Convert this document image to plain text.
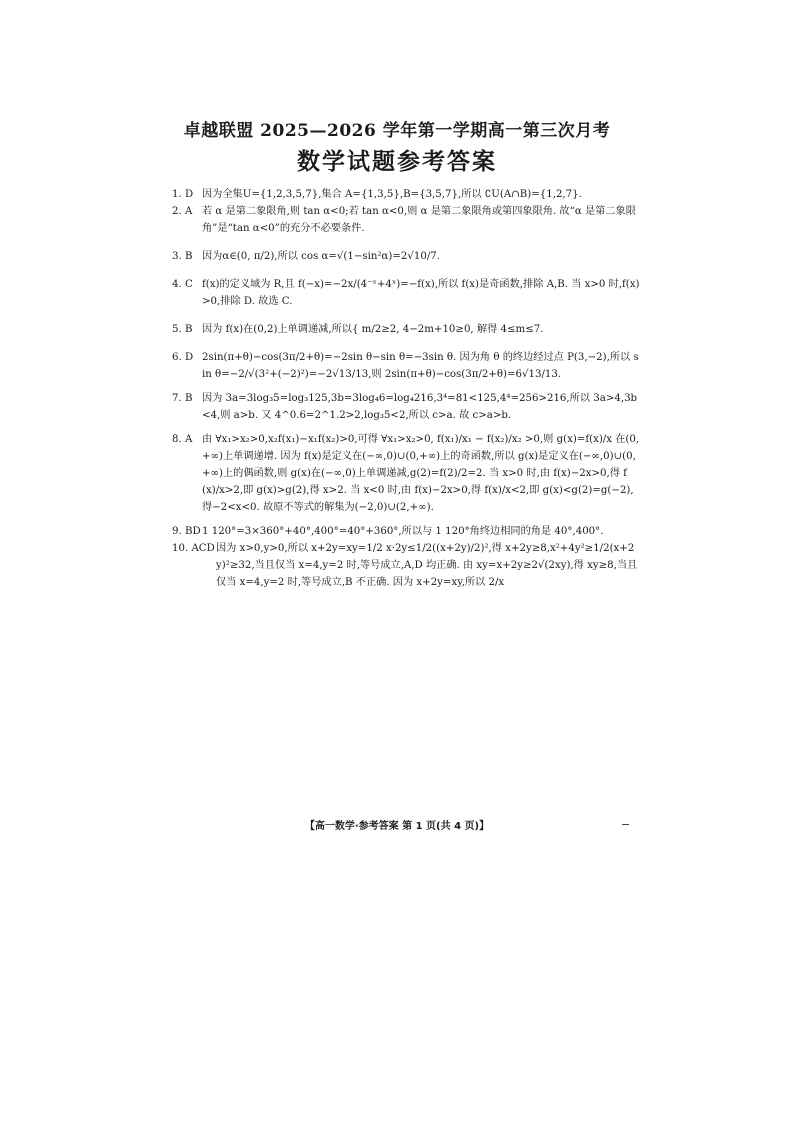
卓越联盟 2025—2026 学年第一学期高一第三次月考
数学试题参考答案
1. D 因为全集U={1,2,3,5,7},集合 A={1,3,5},B={3,5,7},所以 ∁U(A∩B)={1,2,7}.
2. A 若 α 是第二象限角,则 tan α<0;若 tan α<0,则 α 是第二象限角或第四象限角. 故“α 是第二象限角”是“tan α<0”的充分不必要条件.
3. B 因为α∈(0, π/2),所以 cos α=√(1−sin²α)=2√10/7.
4. C f(x)的定义域为 R,且 f(−x)=−2x/(4⁻ˣ+4ˣ)=−f(x),所以 f(x)是奇函数,排除 A,B. 当 x>0 时,f(x)>0,排除 D. 故选 C.
5. B 因为 f(x)在(0,2)上单调递减,所以{ m/2≥2, 4−2m+10≥0, 解得 4≤m≤7.
6. D 2sin(π+θ)−cos(3π/2+θ)=−2sin θ−sin θ=−3sin θ. 因为角 θ 的终边经过点 P(3,−2),所以 sin θ=−2/√(3²+(−2)²)=−2√13/13,则 2sin(π+θ)−cos(3π/2+θ)=6√13/13.
7. B 因为 3a=3log₃5=log₃125,3b=3log₄6=log₄216,3⁴=81<125,4⁴=256>216,所以 3a>4,3b<4,则 a>b. 又 4^0.6=2^1.2>2,log₃5<2,所以 c>a. 故 c>a>b.
8. A 由 ∀x₁>x₂>0,x₂f(x₁)−x₁f(x₂)>0,可得 ∀x₁>x₂>0, f(x₁)/x₁ − f(x₂)/x₂ >0,则 g(x)=f(x)/x 在(0,+∞)上单调递增. 因为 f(x)是定义在(−∞,0)∪(0,+∞)上的奇函数,所以 g(x)是定义在(−∞,0)∪(0,+∞)上的偶函数,则 g(x)在(−∞,0)上单调递减,g(2)=f(2)/2=2. 当 x>0 时,由 f(x)−2x>0,得 f(x)/x>2,即 g(x)>g(2),得 x>2. 当 x<0 时,由 f(x)−2x>0,得 f(x)/x<2,即 g(x)<g(2)=g(−2),得−2<x<0. 故原不等式的解集为(−2,0)∪(2,+∞).
9. BD 1 120°=3×360°+40°,400°=40°+360°,所以与 1 120°角终边相同的角是 40°,400°.
10. ACD 因为 x>0,y>0,所以 x+2y=xy=1/2 x·2y≤1/2((x+2y)/2)²,得 x+2y≥8,x²+4y²≥1/2(x+2y)²≥32,当且仅当 x=4,y=2 时,等号成立,A,D 均正确. 由 xy=x+2y≥2√(2xy),得 xy≥8,当且仅当 x=4,y=2 时,等号成立,B 不正确. 因为 x+2y=xy,所以 2/x
【高一数学·参考答案 第 1 页(共 4 页)】
